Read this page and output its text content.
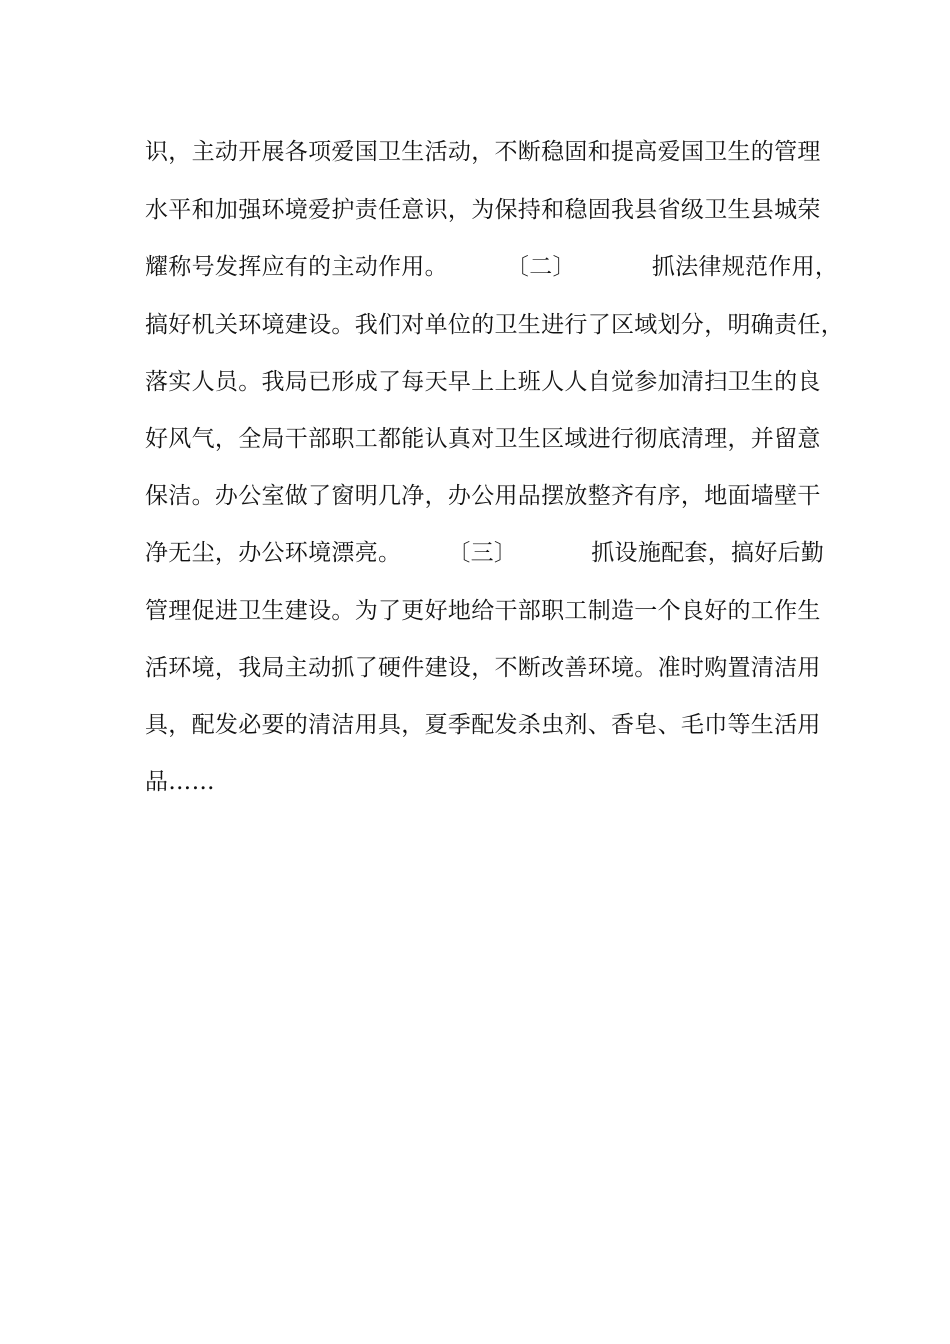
识，主动开展各项爱国卫生活动，不断稳固和提高爱国卫生的管理
水平和加强环境爱护责任意识，为保持和稳固我县省级卫生县城荣
耀称号发挥应有的主动作用。	〔二〕	抓法律规范作用，
搞好机关环境建设。我们对单位的卫生进行了区域划分，明确责任，
落实人员。我局已形成了每天早上上班人人自觉参加清扫卫生的良
好风气，全局干部职工都能认真对卫生区域进行彻底清理，并留意
保洁。办公室做了窗明几净，办公用品摆放整齐有序，地面墙壁干
净无尘，办公环境漂亮。 〔三〕	抓设施配套，搞好后勤
管理促进卫生建设。为了更好地给干部职工制造一个良好的工作生
活环境，我局主动抓了硬件建设，不断改善环境。准时购置清洁用
具，配发必要的清洁用具，夏季配发杀虫剂、香皂、毛巾等生活用
品……
